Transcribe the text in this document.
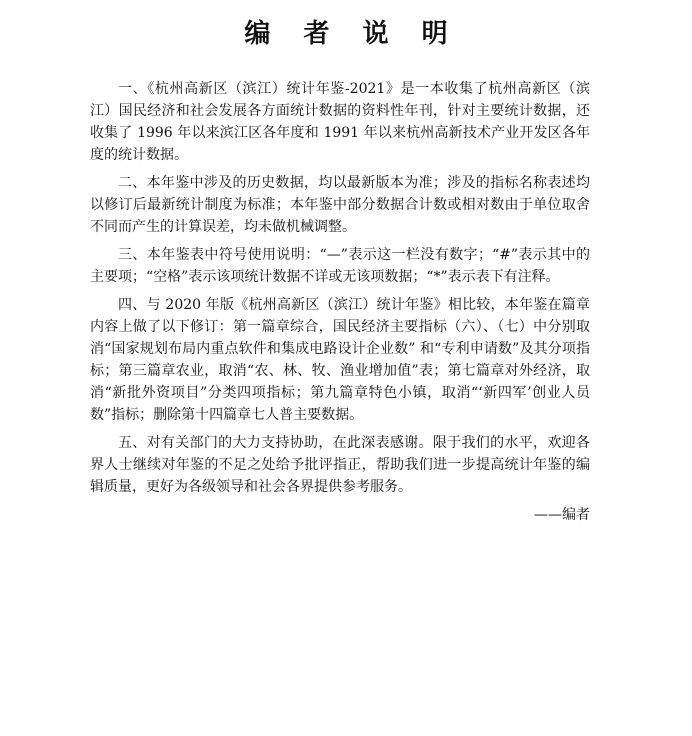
编 者 说 明

一、《杭州高新区（滨江）统计年鉴-2021》是一本收集了杭州高新区（滨江）国民经济和社会发展各方面统计数据的资料性年刊，针对主要统计数据，还收集了 1996 年以来滨江区各年度和 1991 年以来杭州高新技术产业开发区各年度的统计数据。

二、本年鉴中涉及的历史数据，均以最新版本为准；涉及的指标名称表述均以修订后最新统计制度为标准；本年鉴中部分数据合计数或相对数由于单位取舍不同而产生的计算误差，均未做机械调整。

三、本年鉴表中符号使用说明：“—”表示这一栏没有数字；“#”表示其中的主要项；“空格”表示该项统计数据不详或无该项数据；“*”表示表下有注释。

四、与 2020 年版《杭州高新区（滨江）统计年鉴》相比较，本年鉴在篇章内容上做了以下修订：第一篇章综合，国民经济主要指标（六）、（七）中分别取消“国家规划布局内重点软件和集成电路设计企业数” 和“专利申请数”及其分项指标；第三篇章农业，取消“农、林、牧、渔业增加值”表；第七篇章对外经济，取消“新批外资项目”分类四项指标；第九篇章特色小镇，取消“‘新四军’创业人员数”指标；删除第十四篇章七人普主要数据。

五、对有关部门的大力支持协助，在此深表感谢。限于我们的水平，欢迎各界人士继续对年鉴的不足之处给予批评指正，帮助我们进一步提高统计年鉴的编辑质量，更好为各级领导和社会各界提供参考服务。

——编者
